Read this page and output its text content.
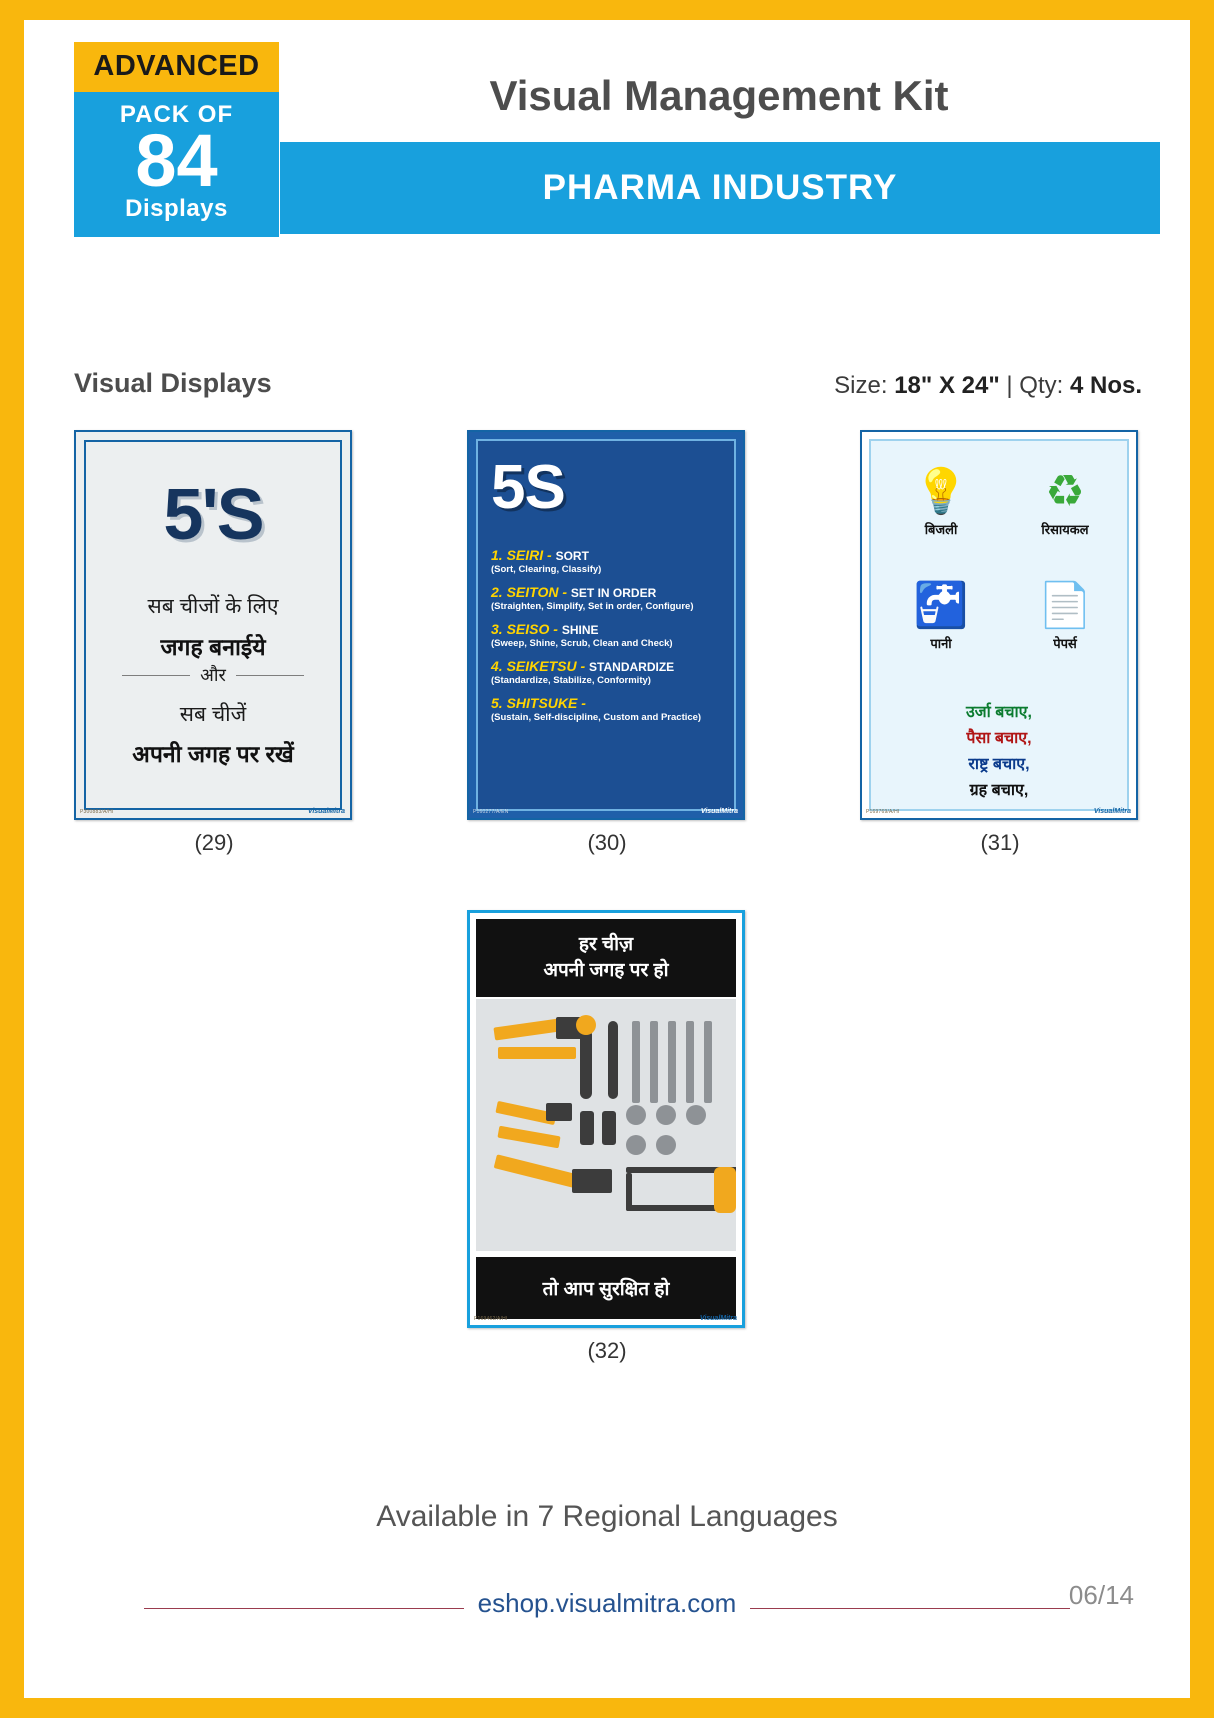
ADVANCED
PACK OF
84
Displays
Visual Management Kit
PHARMA INDUSTRY
Visual Displays	Size: 18" X 24" | Qty: 4 Nos.
5'S
सब चीजों के लिए
जगह बनाईये
और
सब चीजें
अपनी जगह पर रखें
P300883/A/HI	VisualMitra
(29)
5S
1. SEIRI - SORT
(Sort, Clearing, Classify)
2. SEITON - SET IN ORDER
(Straighten, Simplify, Set in order, Configure)
3. SEISO - SHINE
(Sweep, Shine, Scrub, Clean and Check)
4. SEIKETSU - STANDARDIZE
(Standardize, Stabilize, Conformity)
5. SHITSUKE -
(Sustain, Self-discipline, Custom and Practice)
P160277/A/EN	VisualMitra
(30)
💡
बिजली
♻
रिसायकल
🚰
पानी
📄
पेपर्स
उर्जा बचाए,
पैसा बचाए,
राष्ट्र बचाए,
ग्रह बचाए,
P169769/A/HI	VisualMitra
(31)
हर चीज़
अपनी जगह पर हो
तो आप सुरक्षित हो
P169462/A/HI	VisualMitra
(32)
Available in 7 Regional Languages
eshop.visualmitra.com	06/14
